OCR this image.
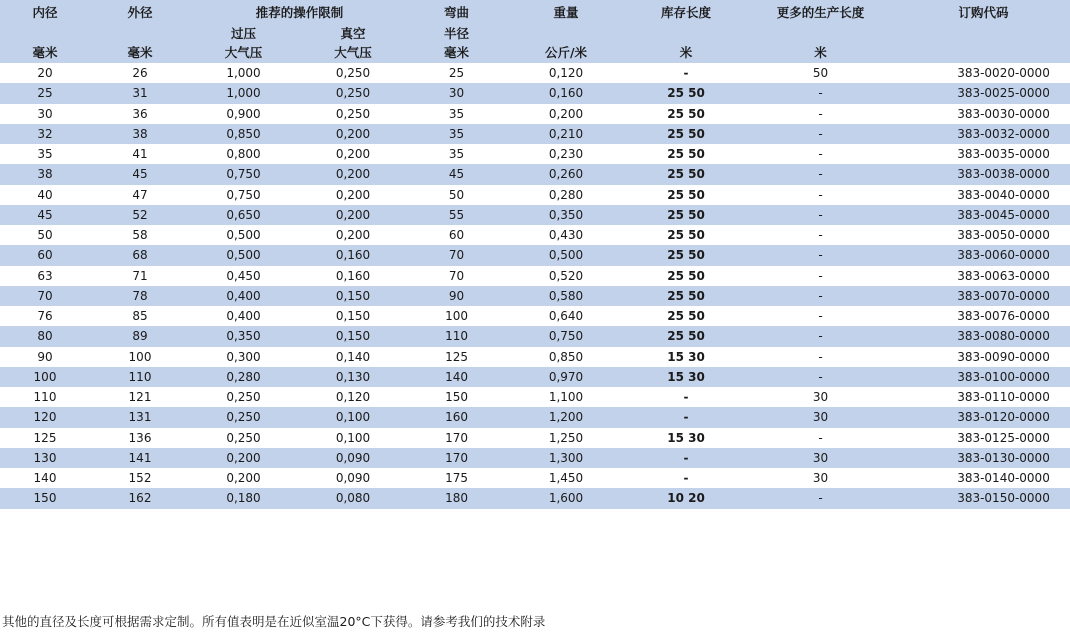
内径	外径	推荐的操作限制		弯曲	重量	库存长度	更多的生产长度	订购代码
		过压	真空	半径				
毫米	毫米	大气压	大气压	毫米	公斤/米	米	米	
20	26	1,000	0,250	25	0,120	-	50	383-0020-0000
25	31	1,000	0,250	30	0,160	25 50	-	383-0025-0000
30	36	0,900	0,250	35	0,200	25 50	-	383-0030-0000
32	38	0,850	0,200	35	0,210	25 50	-	383-0032-0000
35	41	0,800	0,200	35	0,230	25 50	-	383-0035-0000
38	45	0,750	0,200	45	0,260	25 50	-	383-0038-0000
40	47	0,750	0,200	50	0,280	25 50	-	383-0040-0000
45	52	0,650	0,200	55	0,350	25 50	-	383-0045-0000
50	58	0,500	0,200	60	0,430	25 50	-	383-0050-0000
60	68	0,500	0,160	70	0,500	25 50	-	383-0060-0000
63	71	0,450	0,160	70	0,520	25 50	-	383-0063-0000
70	78	0,400	0,150	90	0,580	25 50	-	383-0070-0000
76	85	0,400	0,150	100	0,640	25 50	-	383-0076-0000
80	89	0,350	0,150	110	0,750	25 50	-	383-0080-0000
90	100	0,300	0,140	125	0,850	15 30	-	383-0090-0000
100	110	0,280	0,130	140	0,970	15 30	-	383-0100-0000
110	121	0,250	0,120	150	1,100	-	30	383-0110-0000
120	131	0,250	0,100	160	1,200	-	30	383-0120-0000
125	136	0,250	0,100	170	1,250	15 30	-	383-0125-0000
130	141	0,200	0,090	170	1,300	-	30	383-0130-0000
140	152	0,200	0,090	175	1,450	-	30	383-0140-0000
150	162	0,180	0,080	180	1,600	10 20	-	383-0150-0000
其他的直径及长度可根据需求定制。所有值表明是在近似室温20°C下获得。请参考我们的技术附录
